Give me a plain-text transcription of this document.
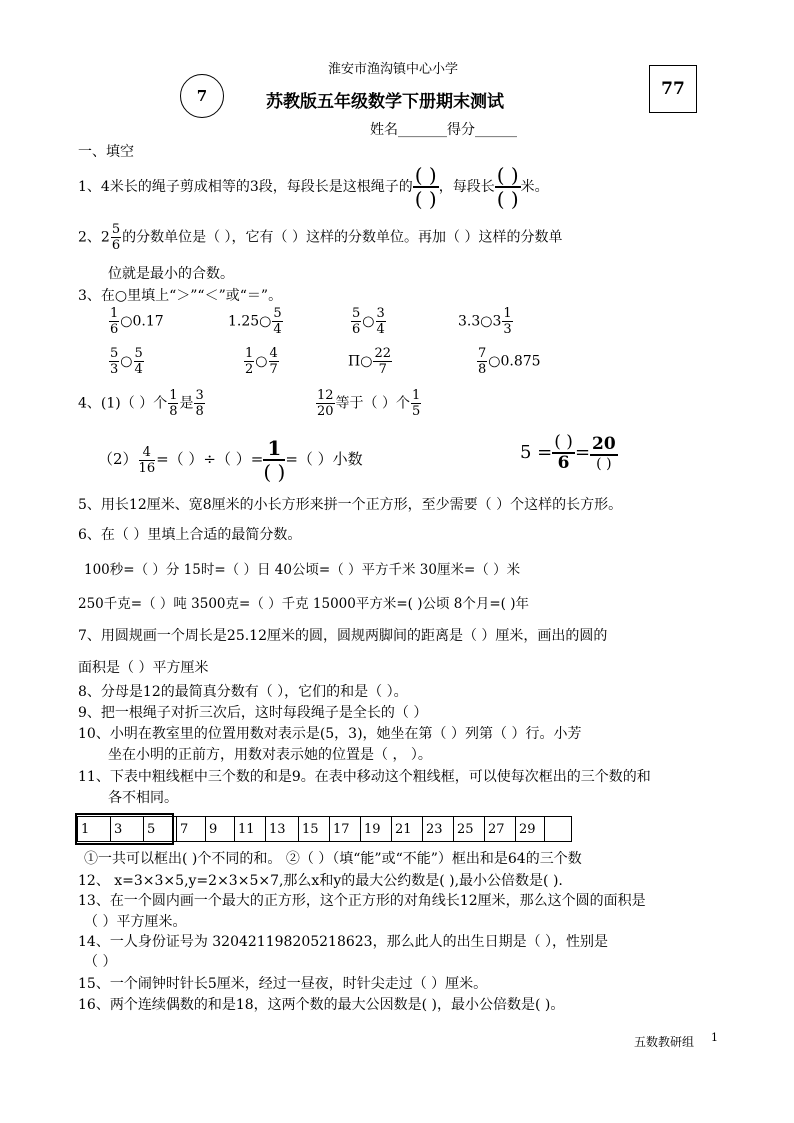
淮安市渔沟镇中心小学
7	苏教版五年级数学下册期末测试
77
姓名_______得分______
一、填空
1、4米长的绳子剪成相等的3段，每段长是这根绳子的 $\frac{( )}{( )}$ ，每段长 $\frac{( )}{( )}$ 米。
2、$2 \frac{5}{6}$ 的分数单位是（ ），它有（ ）这样的分数单位。再加（ ）这样的分数单
位就是最小的合数。
3、在○里填上“＞”“＜”或“＝”。
$\frac{1}{6}$ ○0.17	1.25○ $\frac{5}{4}$	$\frac{5}{6}$ ○ $\frac{3}{4}$	3.3○3 $\frac{1}{3}$
$\frac{5}{3}$ ○ $\frac{5}{4}$	$\frac{1}{2}$ ○ $\frac{4}{7}$	Π○ $\frac{22}{7}$	$\frac{7}{8}$ ○0.875
4、(1)（ ）个 $\frac{1}{8}$ 是 $\frac{3}{8}$	$\frac{12}{20}$ 等于（ ）个 $\frac{1}{5}$
$(2) \frac{4}{16}$ =（ ）÷（ ）= $\frac{1}{( )}$ =（ ）小数	$5 = \frac{( )}{6} = \frac{20}{( )}$
5、用长12厘米、宽8厘米的小长方形来拼一个正方形，至少需要（ ）个这样的长方形。
6、在（ ）里填上合适的最简分数。
100秒=（ ）分 15时=（ ）日 40公顷=（ ）平方千米 30厘米=（ ）米
250千克=（ ）吨 3500克=（ ）千克 15000平方米=( )公顷 8个月=( )年
7、用圆规画一个周长是25.12厘米的圆，圆规两脚间的距离是（ ）厘米，画出的圆的
面积是（ ）平方厘米
8、分母是12的最简真分数有（ ），它们的和是（ ）。
9、把一根绳子对折三次后，这时每段绳子是全长的（ ）
10、小明在教室里的位置用数对表示是(5，3)，她坐在第（ ）列第（ ）行。小芳
坐在小明的正前方，用数对表示她的位置是（ ， ）。
11、下表中粗线框中三个数的和是9。在表中移动这个粗线框，可以使每次框出的三个数的和
各不相同。
1	3	5	7	9	11	13	15	17	19	21	23	25	27	29	
①一共可以框出( )个不同的和。 ②（ ）（填“能”或“不能”）框出和是64的三个数
12、 x=3×3×5,y=2×3×5×7,那么x和y的最大公约数是( ),最小公倍数是( ).
13、在一个圆内画一个最大的正方形，这个正方形的对角线长12厘米，那么这个圆的面积是
（ ）平方厘米。
14、一人身份证号为 320421198205218623，那么此人的出生日期是（ ），性别是
（ ）
15、一个闹钟时针长5厘米，经过一昼夜，时针尖走过（ ）厘米。
16、两个连续偶数的和是18，这两个数的最大公因数是( )，最小公倍数是( )。
五数教研组 1
